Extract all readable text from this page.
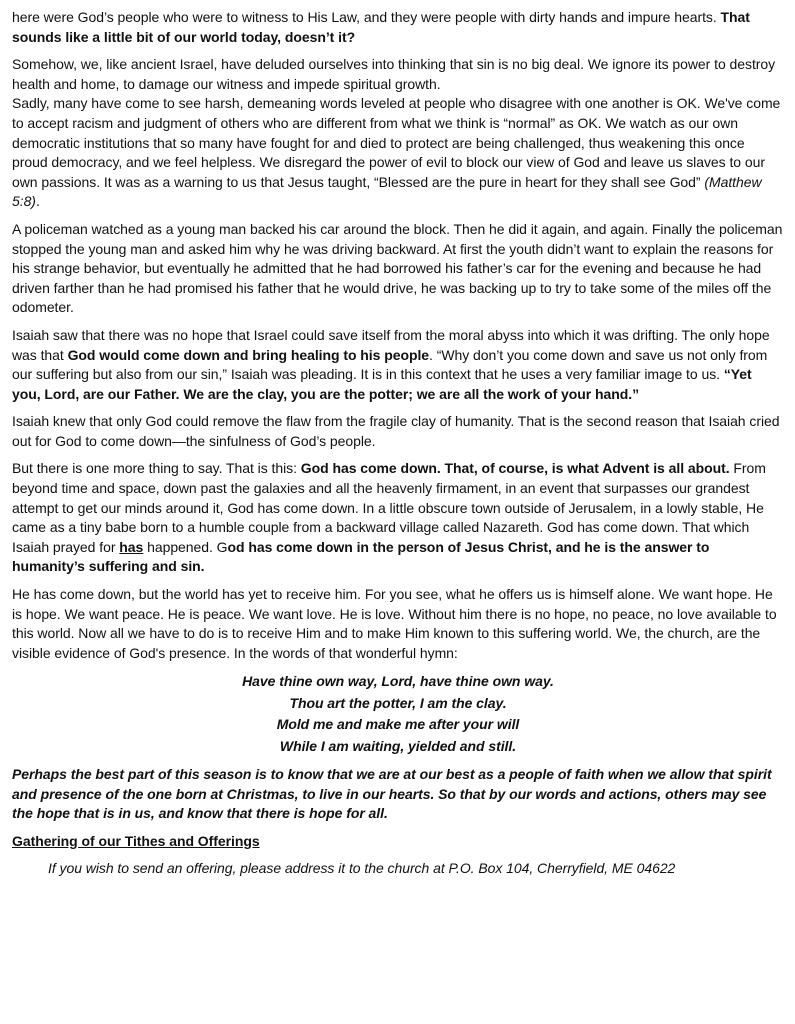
here were God’s people who were to witness to His Law, and they were people with dirty hands and impure hearts. That sounds like a little bit of our world today, doesn’t it?

Somehow, we, like ancient Israel, have deluded ourselves into thinking that sin is no big deal. We ignore its power to destroy health and home, to damage our witness and impede spiritual growth.
Sadly, many have come to see harsh, demeaning words leveled at people who disagree with one another is OK. We've come to accept racism and judgment of others who are different from what we think is “normal” as OK. We watch as our own democratic institutions that so many have fought for and died to protect are being challenged, thus weakening this once proud democracy, and we feel helpless. We disregard the power of evil to block our view of God and leave us slaves to our own passions. It was as a warning to us that Jesus taught, “Blessed are the pure in heart for they shall see God” (Matthew 5:8).

A policeman watched as a young man backed his car around the block. Then he did it again, and again. Finally the policeman stopped the young man and asked him why he was driving backward. At first the youth didn’t want to explain the reasons for his strange behavior, but eventually he admitted that he had borrowed his father’s car for the evening and because he had driven farther than he had promised his father that he would drive, he was backing up to try to take some of the miles off the odometer.

Isaiah saw that there was no hope that Israel could save itself from the moral abyss into which it was drifting. The only hope was that God would come down and bring healing to his people. “Why don’t you come down and save us not only from our suffering but also from our sin,” Isaiah was pleading. It is in this context that he uses a very familiar image to us. “Yet you, Lord, are our Father. We are the clay, you are the potter; we are all the work of your hand.”

Isaiah knew that only God could remove the flaw from the fragile clay of humanity. That is the second reason that Isaiah cried out for God to come down—the sinfulness of God’s people.

But there is one more thing to say. That is this: God has come down. That, of course, is what Advent is all about. From beyond time and space, down past the galaxies and all the heavenly firmament, in an event that surpasses our grandest attempt to get our minds around it, God has come down. In a little obscure town outside of Jerusalem, in a lowly stable, He came as a tiny babe born to a humble couple from a backward village called Nazareth. God has come down. That which Isaiah prayed for has happened. God has come down in the person of Jesus Christ, and he is the answer to humanity’s suffering and sin.

He has come down, but the world has yet to receive him. For you see, what he offers us is himself alone. We want hope. He is hope. We want peace. He is peace. We want love. He is love. Without him there is no hope, no peace, no love available to this world. Now all we have to do is to receive Him and to make Him known to this suffering world. We, the church, are the visible evidence of God's presence. In the words of that wonderful hymn:

Have thine own way, Lord, have thine own way.
Thou art the potter, I am the clay.
Mold me and make me after your will
While I am waiting, yielded and still.

Perhaps the best part of this season is to know that we are at our best as a people of faith when we allow that spirit and presence of the one born at Christmas, to live in our hearts. So that by our words and actions, others may see the hope that is in us, and know that there is hope for all.

Gathering of our Tithes and Offerings

If you wish to send an offering, please address it to the church at P.O. Box 104, Cherryfield, ME 04622
